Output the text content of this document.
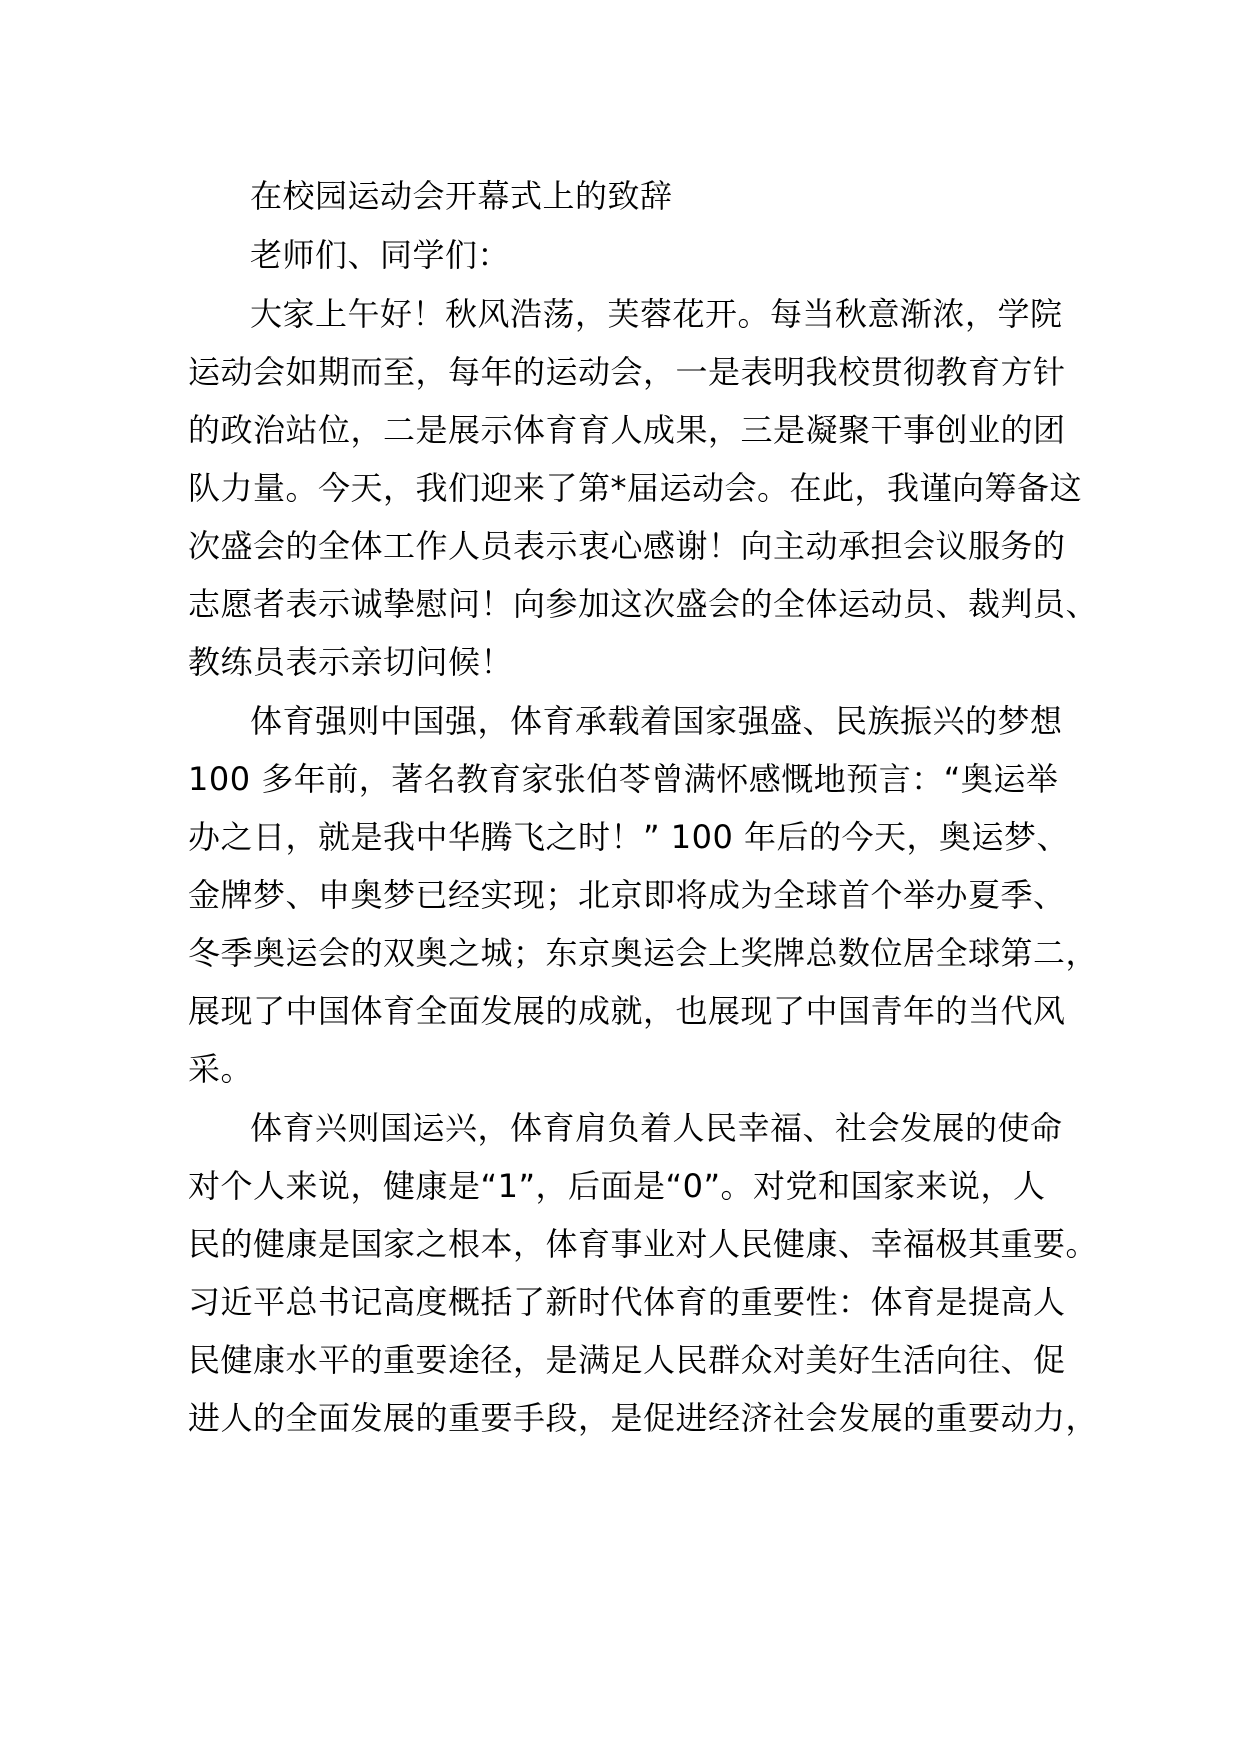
在校园运动会开幕式上的致辞
老师们、同学们：
大家上午好！秋风浩荡，芙蓉花开。每当秋意渐浓，学院
运动会如期而至，每年的运动会，一是表明我校贯彻教育方针
的政治站位，二是展示体育育人成果，三是凝聚干事创业的团
队力量。今天，我们迎来了第*届运动会。在此，我谨向筹备这
次盛会的全体工作人员表示衷心感谢！向主动承担会议服务的
志愿者表示诚挚慰问！向参加这次盛会的全体运动员、裁判员、
教练员表示亲切问候！
体育强则中国强，体育承载着国家强盛、民族振兴的梦想
100 多年前，著名教育家张伯苓曾满怀感慨地预言：“奥运举
办之日，就是我中华腾飞之时！” 100 年后的今天，奥运梦、
金牌梦、申奥梦已经实现；北京即将成为全球首个举办夏季、
冬季奥运会的双奥之城；东京奥运会上奖牌总数位居全球第二，
展现了中国体育全面发展的成就，也展现了中国青年的当代风
采。
体育兴则国运兴，体育肩负着人民幸福、社会发展的使命
对个人来说，健康是“1”，后面是“0”。对党和国家来说，人
民的健康是国家之根本，体育事业对人民健康、幸福极其重要。
习近平总书记高度概括了新时代体育的重要性：体育是提高人
民健康水平的重要途径，是满足人民群众对美好生活向往、促
进人的全面发展的重要手段，是促进经济社会发展的重要动力，
